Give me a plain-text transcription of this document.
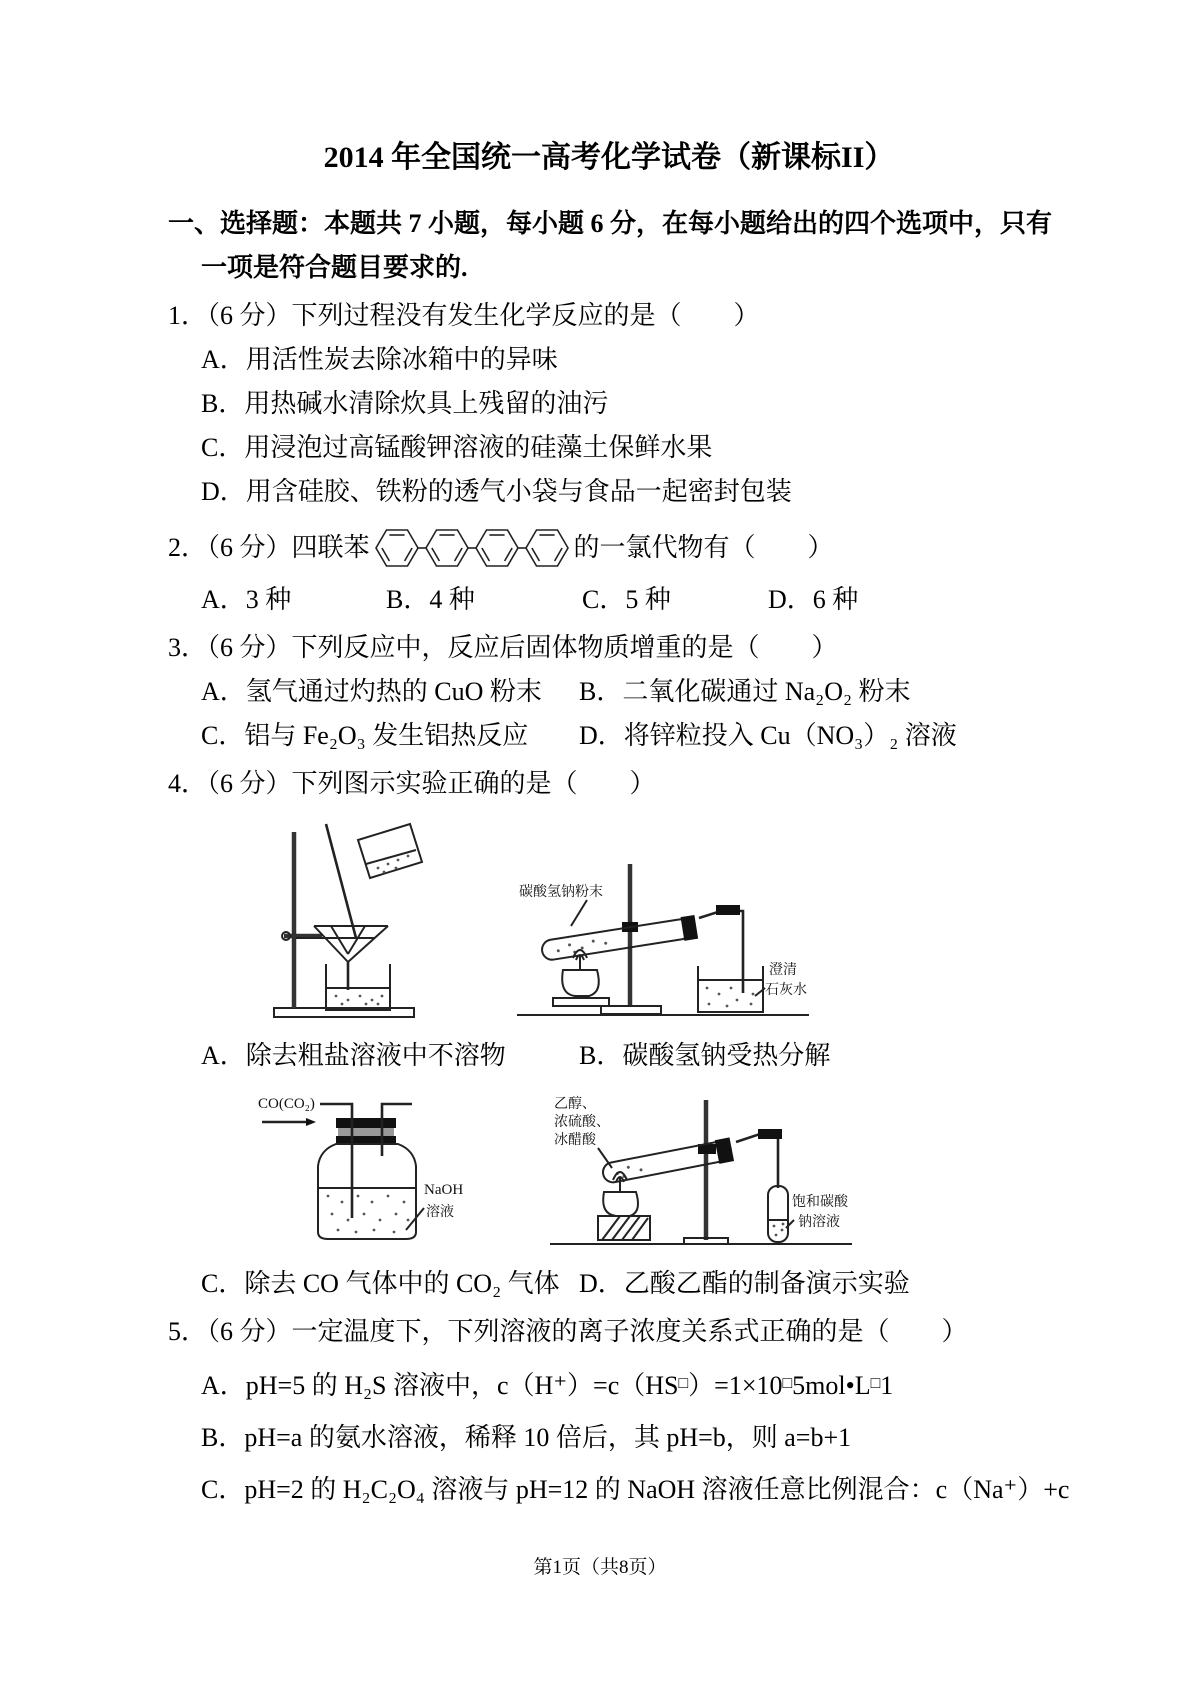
2014 年全国统一高考化学试卷（新课标II）
一、选择题：本题共 7 小题，每小题 6 分，在每小题给出的四个选项中，只有
一项是符合题目要求的.
1．（6 分）下列过程没有发生化学反应的是（　　）
A．用活性炭去除冰箱中的异味
B．用热碱水清除炊具上残留的油污
C．用浸泡过高锰酸钾溶液的硅藻土保鲜水果
D．用含硅胶、铁粉的透气小袋与食品一起密封包装
2．（6 分）四联苯	的一氯代物有（　　）
A．3 种	B．4 种	C．5 种	D．6 种
3．（6 分）下列反应中，反应后固体物质增重的是（　　）
A．氢气通过灼热的 CuO 粉末	B．二氧化碳通过 Na₂O₂ 粉末
C．铝与 Fe₂O₃ 发生铝热反应	D．将锌粒投入 Cu（NO₃）₂ 溶液
4．（6 分）下列图示实验正确的是（　　）
碳酸氢钠粉末
澄清
石灰水
A．除去粗盐溶液中不溶物	B．碳酸氢钠受热分解
CO(CO₂)
NaOH
溶液
乙醇、
浓硫酸、
冰醋酸
饱和碳酸
钠溶液
C．除去 CO 气体中的 CO₂ 气体 D．乙酸乙酯的制备演示实验
5．（6 分）一定温度下，下列溶液的离子浓度关系式正确的是（　　）
A．pH=5 的 H₂S 溶液中，c（H⁺）=c（HS□）=1×10□5mol•L□1
B．pH=a 的氨水溶液，稀释 10 倍后，其 pH=b，则 a=b+1
C．pH=2 的 H₂C₂O₄ 溶液与 pH=12 的 NaOH 溶液任意比例混合：c（Na⁺）+c
第1页（共8页）
